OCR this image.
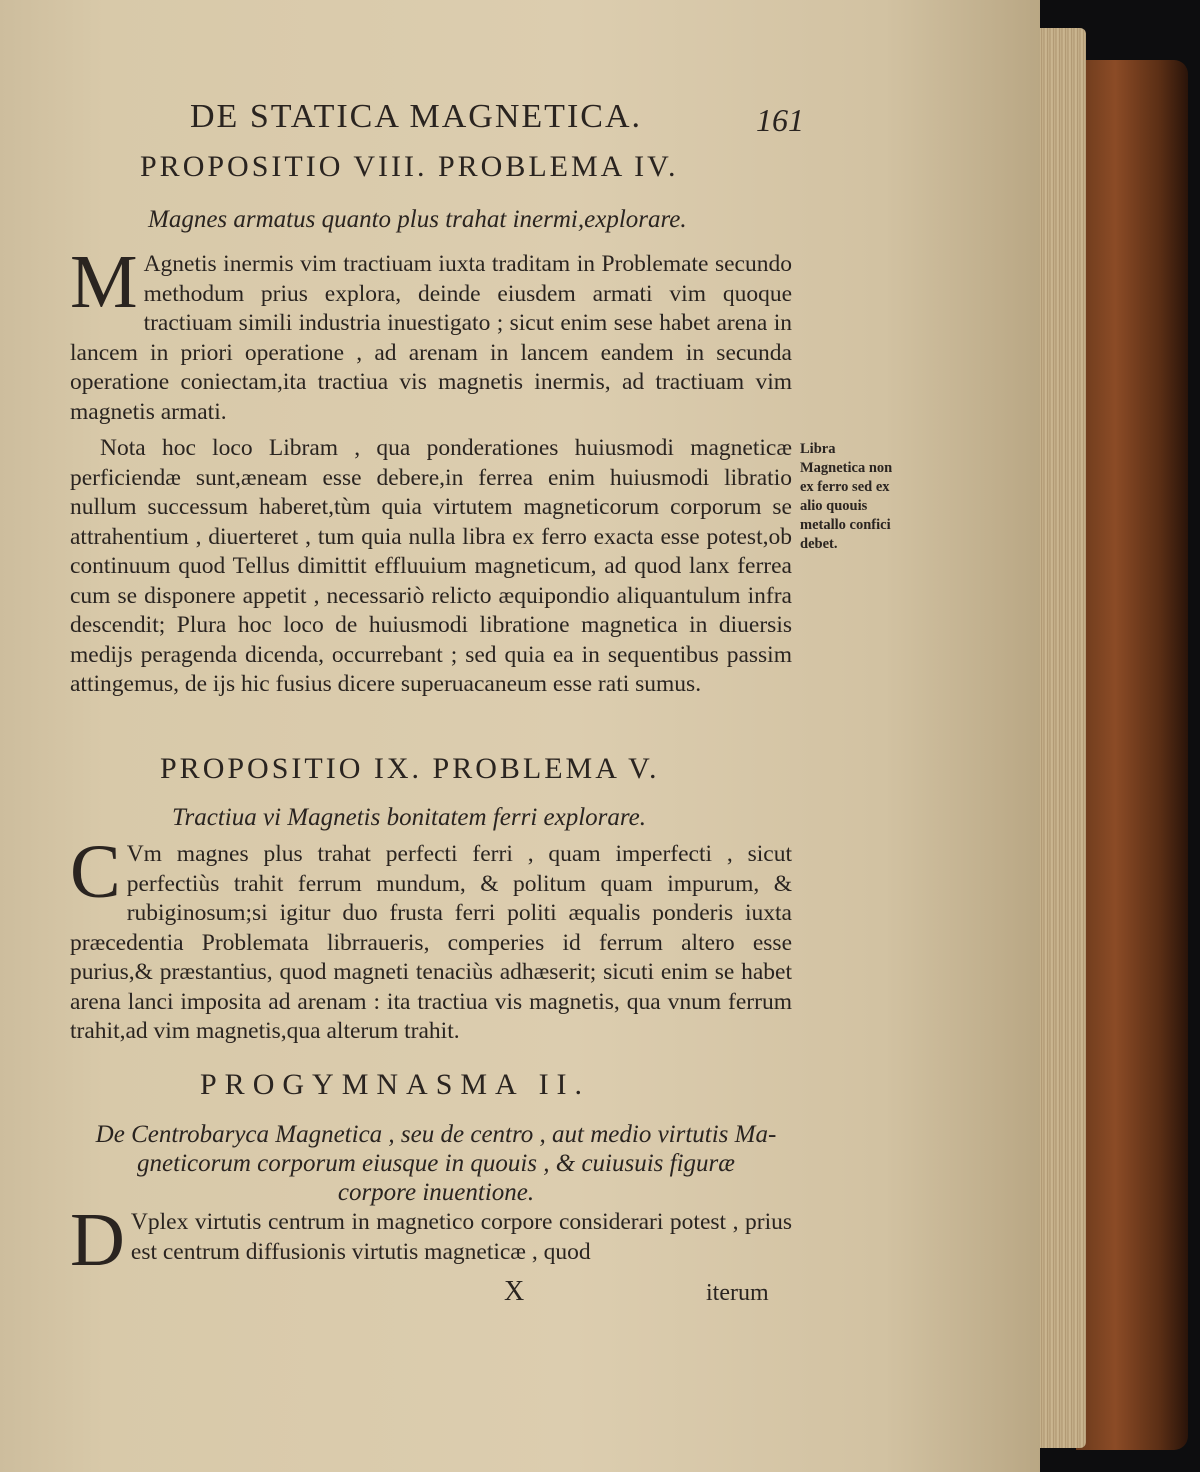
DE STATICA MAGNETICA.	161
PROPOSITIO VIII. PROBLEMA IV.
Magnes armatus quanto plus trahat inermi,explorare.
M Agnetis inermis vim tractiuam iuxta traditam in Problemate secundo methodum prius explora, deinde eiusdem armati vim quoque tractiuam simili industria inuestigato ; sicut enim sese habet arena in lancem in priori operatione , ad arenam in lancem eandem in secunda operatione coniectam,ita tractiua vis magnetis inermis, ad tractiuam vim magnetis armati.
Nota hoc loco Libram , qua ponderationes huiusmodi magneticæ perficiendæ sunt,æneam esse debere,in ferrea enim huiusmodi libratio nullum successum haberet,tùm quia virtutem magneticorum corporum se attrahentium , diuerteret , tum quia nulla libra ex ferro exacta esse potest,ob continuum quod Tellus dimittit effluuium magneticum, ad quod lanx ferrea cum se disponere appetit , necessariò relicto æquipondio aliquantulum infra descendit; Plura hoc loco de huiusmodi libratione magnetica in diuersis medijs peragenda dicenda, occurrebant ; sed quia ea in sequentibus passim attingemus, de ijs hic fusius dicere superuacaneum esse rati sumus.
Libra Magnetica non ex ferro sed ex alio quouis metallo confici debet.
PROPOSITIO IX. PROBLEMA V.
Tractiua vi Magnetis bonitatem ferri explorare.
C Vm magnes plus trahat perfecti ferri , quam imperfecti , sicut perfectiùs trahit ferrum mundum, & politum quam impurum, & rubiginosum;si igitur duo frusta ferri politi æqualis ponderis iuxta præcedentia Problemata librraueris, comperies id ferrum altero esse purius,& præstantius, quod magneti tenaciùs adhæserit; sicuti enim se habet arena lanci imposita ad arenam : ita tractiua vis magnetis, qua vnum ferrum trahit,ad vim magnetis,qua alterum trahit.
PROGYMNASMA II.
De Centrobaryca Magnetica , seu de centro , aut medio virtutis Ma-
gneticorum corporum eiusque in quouis , & cuiusuis figuræ
corpore inuentione.
D Vplex virtutis centrum in magnetico corpore considerari potest , prius est centrum diffusionis virtutis magneticæ , quod
X	iterum
